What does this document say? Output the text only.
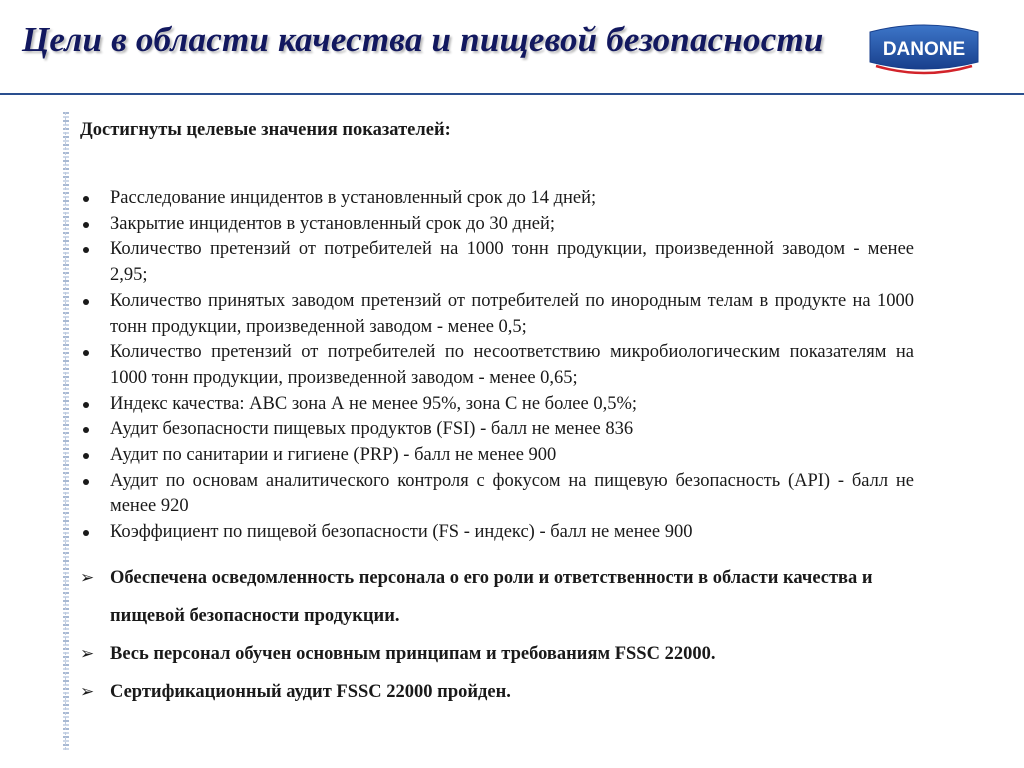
Цели в области качества и пищевой безопасности	DANONE

Достигнуты целевые значения показателей:

Расследование инцидентов в установленный срок до 14 дней;
Закрытие инцидентов в установленный срок до 30 дней;
Количество претензий от потребителей на 1000 тонн продукции, произведенной заводом - менее 2,95;
Количество принятых заводом претензий от потребителей по инородным телам в продукте на 1000 тонн продукции, произведенной заводом - менее 0,5;
Количество претензий от потребителей по несоответствию микробиологическим показателям на 1000 тонн продукции, произведенной заводом - менее 0,65;
Индекс качества: АВС зона А не менее 95%, зона С не более 0,5%;
Аудит безопасности пищевых продуктов (FSI) - балл не менее 836
Аудит по санитарии и гигиене (PRP) - балл не менее 900
Аудит по основам аналитического контроля с фокусом на пищевую безопасность (API) - балл не менее 920
Коэффициент по пищевой безопасности (FS - индекс) - балл не менее 900
➢ Обеспечена осведомленность персонала о его роли и ответственности в области качества и пищевой безопасности продукции.
➢ Весь персонал обучен основным принципам и требованиям FSSC 22000.
➢ Сертификационный аудит FSSC 22000 пройден.
